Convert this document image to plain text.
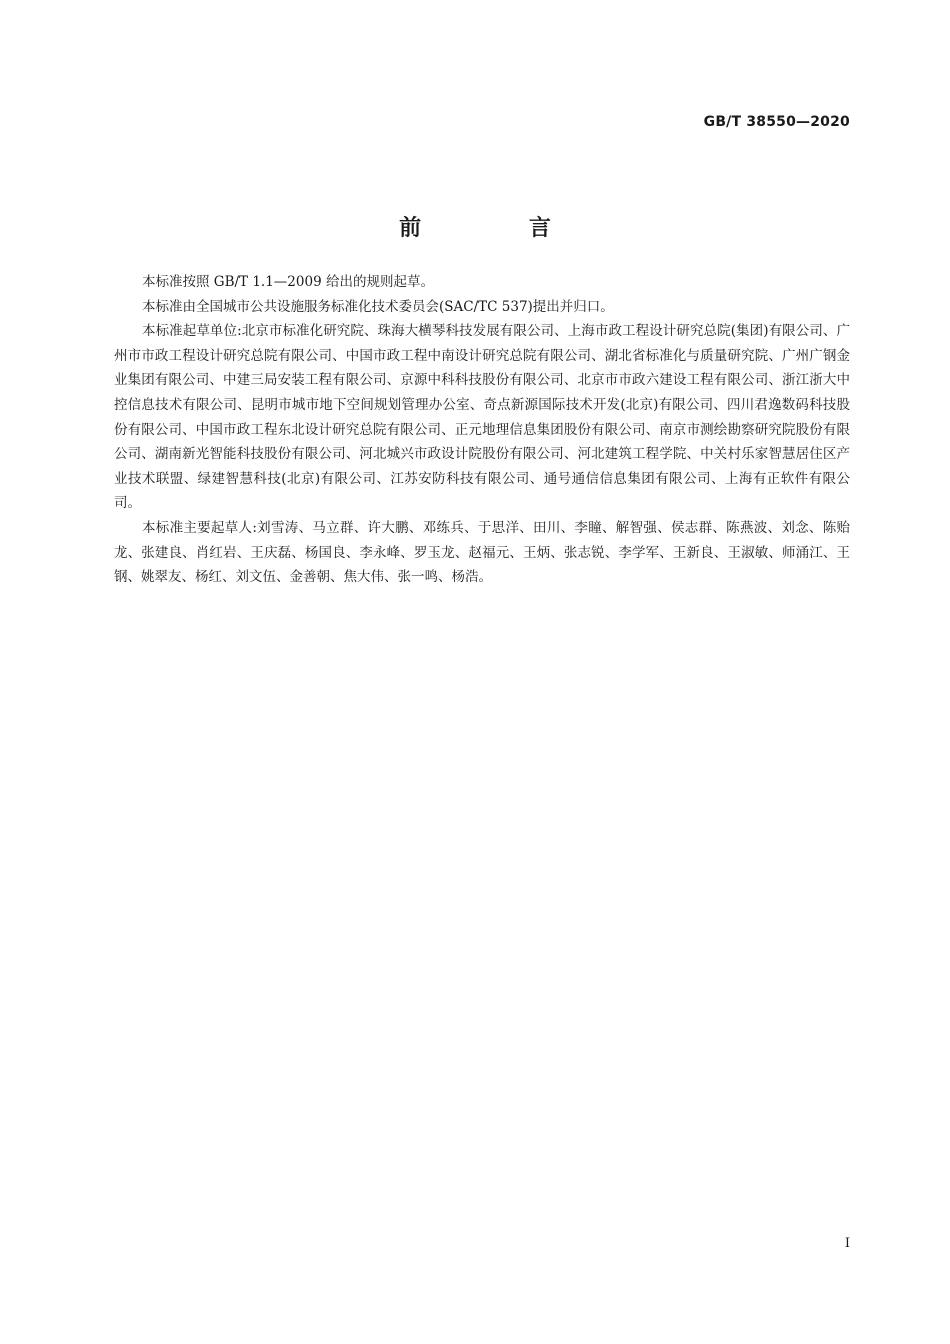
GB/T 38550—2020
前 言

本标准按照 GB/T 1.1—2009 给出的规则起草。

本标准由全国城市公共设施服务标准化技术委员会(SAC/TC 537)提出并归口。

本标准起草单位:北京市标准化研究院、珠海大横琴科技发展有限公司、上海市政工程设计研究总院(集团)有限公司、广州市市政工程设计研究总院有限公司、中国市政工程中南设计研究总院有限公司、湖北省标准化与质量研究院、广州广钢金业集团有限公司、中建三局安装工程有限公司、京源中科科技股份有限公司、北京市市政六建设工程有限公司、浙江浙大中控信息技术有限公司、昆明市城市地下空间规划管理办公室、奇点新源国际技术开发(北京)有限公司、四川君逸数码科技股份有限公司、中国市政工程东北设计研究总院有限公司、正元地理信息集团股份有限公司、南京市测绘勘察研究院股份有限公司、湖南新光智能科技股份有限公司、河北城兴市政设计院股份有限公司、河北建筑工程学院、中关村乐家智慧居住区产业技术联盟、绿建智慧科技(北京)有限公司、江苏安防科技有限公司、通号通信信息集团有限公司、上海有正软件有限公司。

本标准主要起草人:刘雪涛、马立群、许大鹏、邓练兵、于思洋、田川、李瞳、解智强、侯志群、陈燕波、刘念、陈贻龙、张建良、肖红岩、王庆磊、杨国良、李永峰、罗玉龙、赵福元、王炳、张志锐、李学军、王新良、王淑敏、师涌江、王钢、姚翠友、杨红、刘文伍、金善朝、焦大伟、张一鸣、杨浩。

I
